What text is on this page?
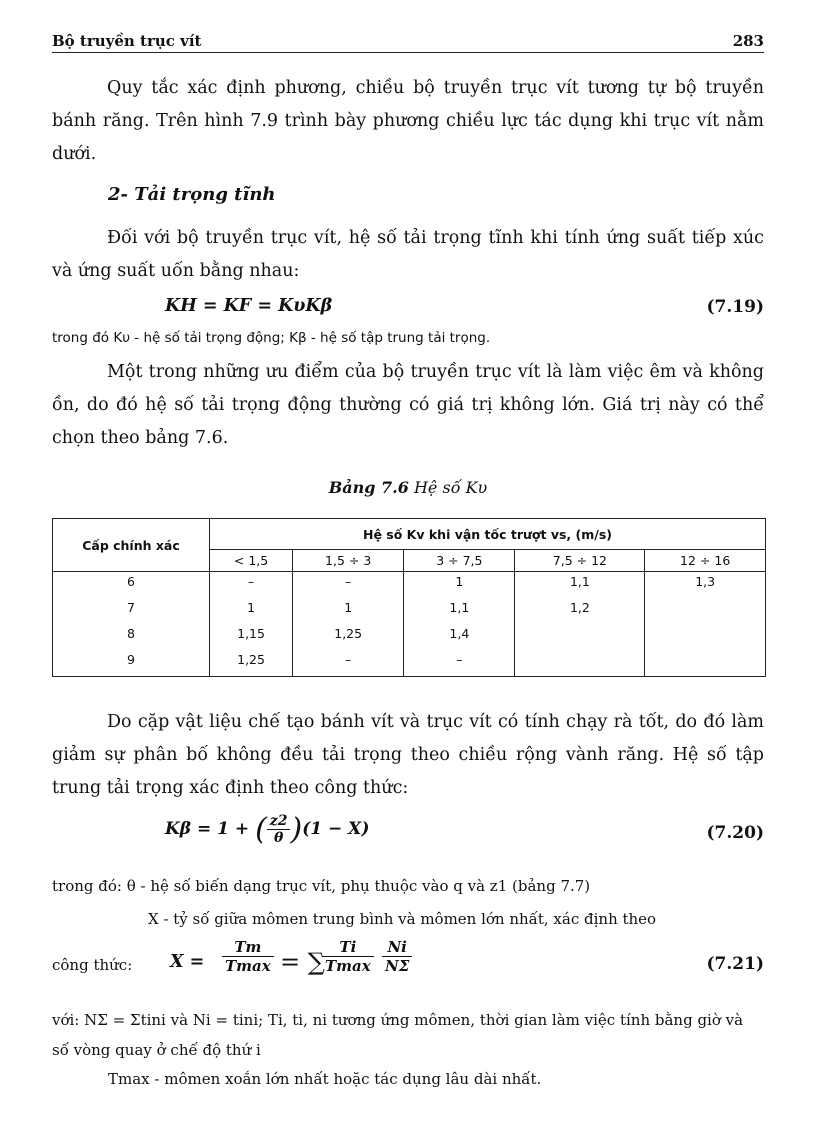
Bộ truyền trục vít	283
Quy tắc xác định phương, chiều bộ truyền trục vít tương tự bộ truyền bánh răng. Trên hình 7.9 trình bày phương chiều lực tác dụng khi trục vít nằm dưới.
2- Tải trọng tĩnh
Đối với bộ truyền trục vít, hệ số tải trọng tĩnh khi tính ứng suất tiếp xúc và ứng suất uốn bằng nhau:
KH = KF = KυKβ	(7.19)
trong đó Kυ - hệ số tải trọng động; Kβ - hệ số tập trung tải trọng.
Một trong những ưu điểm của bộ truyền trục vít là làm việc êm và không ồn, do đó hệ số tải trọng động thường có giá trị không lớn. Giá trị này có thể chọn theo bảng 7.6.
Bảng 7.6 Hệ số Kυ
Cấp chính xác	Hệ số Kv khi vận tốc trượt vs, (m/s)				
	< 1,5	1,5 ÷ 3	3 ÷ 7,5	7,5 ÷ 12	12 ÷ 16
6	–	–	1	1,1	1,3
7	1	1	1,1	1,2	
8	1,15	1,25	1,4		
9	1,25	–	–		
Do cặp vật liệu chế tạo bánh vít và trục vít có tính chạy rà tốt, do đó làm giảm sự phân bố không đều tải trọng theo chiều rộng vành răng. Hệ số tập trung tải trọng xác định theo công thức:
Kβ = 1 + ( $\frac{z2}{\theta} )(1 - X)$	(7.20)
trong đó: θ - hệ số biến dạng trục vít, phụ thuộc vào q và z1 (bảng 7.7)
X - tỷ số giữa mômen trung bình và mômen lớn nhất, xác định theo
công thức: X =
Tm
Tmax = ∑
Ti
Tmax $\frac{Ni}{N\Sigma}$	(7.21)
với: NΣ = Σtini và Ni = tini; Ti, ti, ni tương ứng mômen, thời gian làm việc tính bằng giờ và số vòng quay ở chế độ thứ i
Tmax - mômen xoắn lớn nhất hoặc tác dụng lâu dài nhất.
